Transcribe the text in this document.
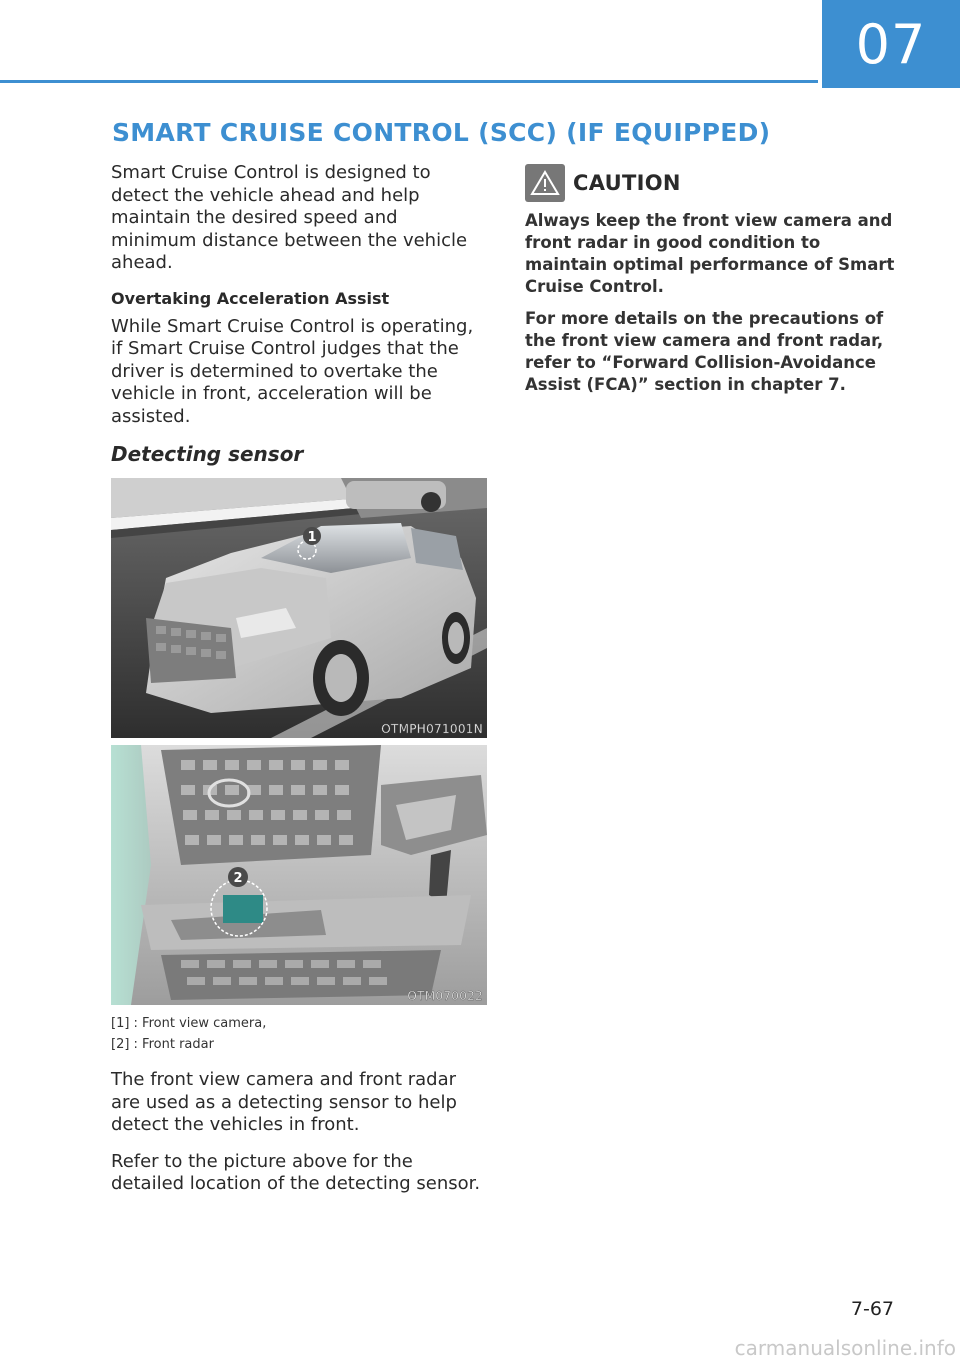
07
SMART CRUISE CONTROL (SCC) (IF EQUIPPED)

Smart Cruise Control is designed to detect the vehicle ahead and help maintain the desired speed and minimum distance between the vehicle ahead.

Overtaking Acceleration Assist

While Smart Cruise Control is operating, if Smart Cruise Control judges that the driver is determined to overtake the vehicle in front, acceleration will be assisted.

Detecting sensor
1
OTMPH071001N
2
OTM070022

[1] : Front view camera,

[2] : Front radar

The front view camera and front radar are used as a detecting sensor to help detect the vehicles in front.

Refer to the picture above for the detailed location of the detecting sensor.

CAUTION

Always keep the front view camera and front radar in good condition to maintain optimal performance of Smart Cruise Control.

For more details on the precautions of the front view camera and front radar, refer to “Forward Collision-Avoidance Assist (FCA)” section in chapter 7.

7-67
carmanualsonline.info
